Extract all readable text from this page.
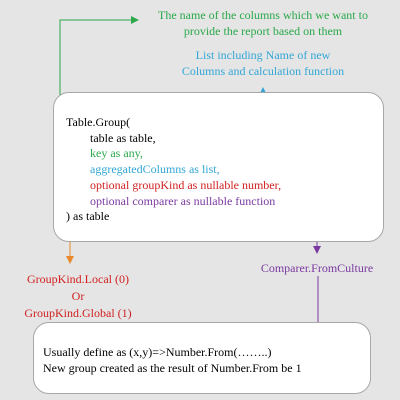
The name of the columns which we want to
provide the report based on them
List including Name of new
Columns and calculation function
Table.Group(
table as table,
key as any,
aggregatedColumns as list,
optional groupKind as nullable number,
optional comparer as nullable function
) as table
GroupKind.Local (0)
Or
GroupKind.Global (1)
Comparer.FromCulture
Usually define as (x,y)=>Number.From(……..)
New group created as the result of Number.From be 1
